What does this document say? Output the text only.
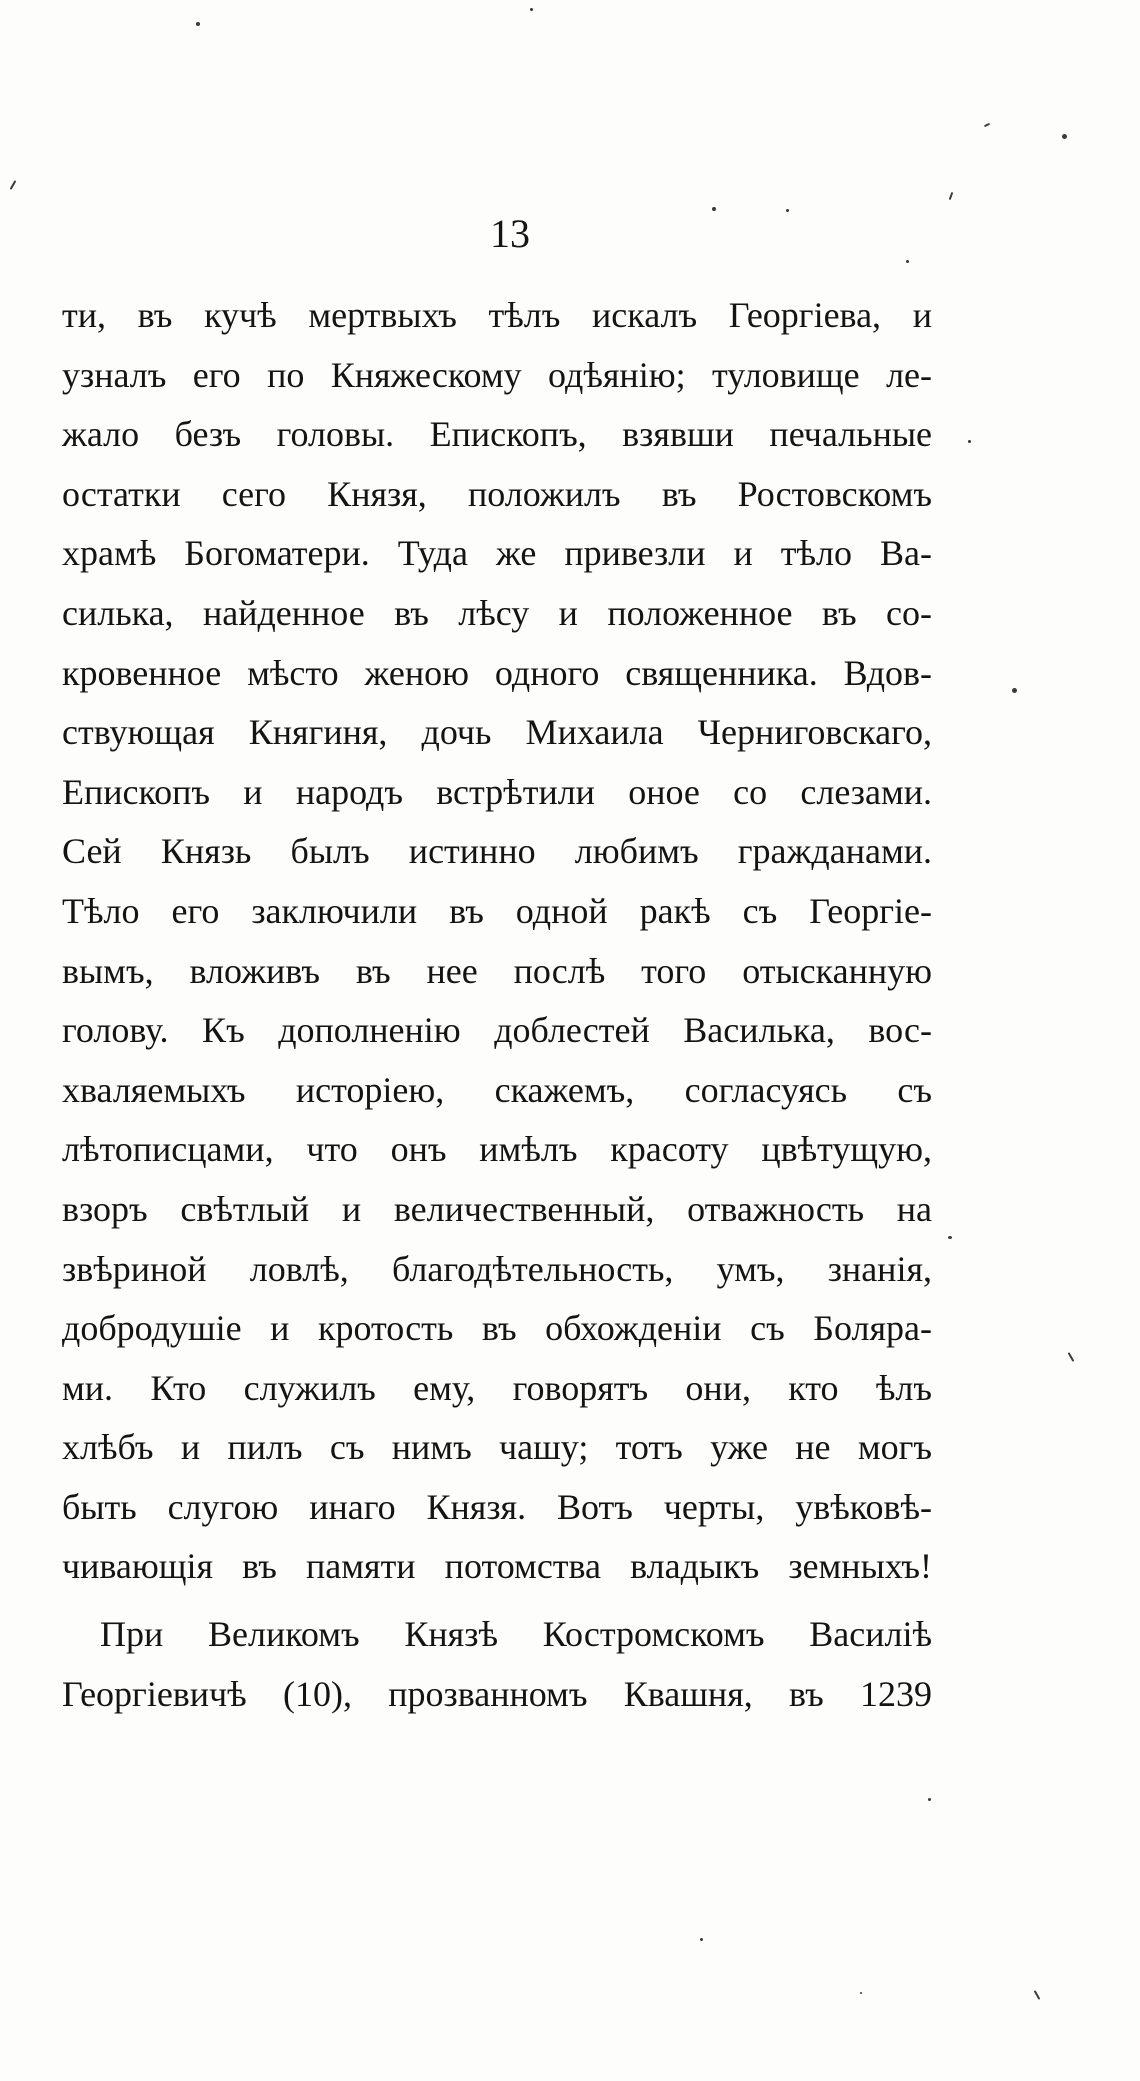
13
ти, въ кучѣ мертвыхъ тѣлъ искалъ Георгіева, и
узналъ его по Княжескому одѣянію; туловище ле-
жало безъ головы. Епископъ, взявши печальные
остатки сего Князя, положилъ въ Ростовскомъ
храмѣ Богоматери. Туда же привезли и тѣло Ва-
силька, найденное въ лѣсу и положенное въ со-
кровенное мѣсто женою одного священника. Вдов-
ствующая Княгиня, дочь Михаила Черниговскаго,
Епископъ и народъ встрѣтили оное со слезами.
Сей Князь былъ истинно любимъ гражданами.
Тѣло его заключили въ одной ракѣ съ Георгіе-
вымъ, вложивъ въ нее послѣ того отысканную
голову. Къ дополненію доблестей Василька, вос-
хваляемыхъ исторіею, скажемъ, согласуясь съ
лѣтописцами, что онъ имѣлъ красоту цвѣтущую,
взоръ свѣтлый и величественный, отважность на
звѣриной ловлѣ, благодѣтельность, умъ, знанія,
добродушіе и кротость въ обхожденіи съ Боляра-
ми. Кто служилъ ему, говорятъ они, кто ѣлъ
хлѣбъ и пилъ съ нимъ чашу; тотъ уже не могъ
быть слугою инаго Князя. Вотъ черты, увѣковѣ-
чивающія въ памяти потомства владыкъ земныхъ!
При Великомъ Князѣ Костромскомъ Василіѣ
Георгіевичѣ (10), прозванномъ Квашня, въ 1239
